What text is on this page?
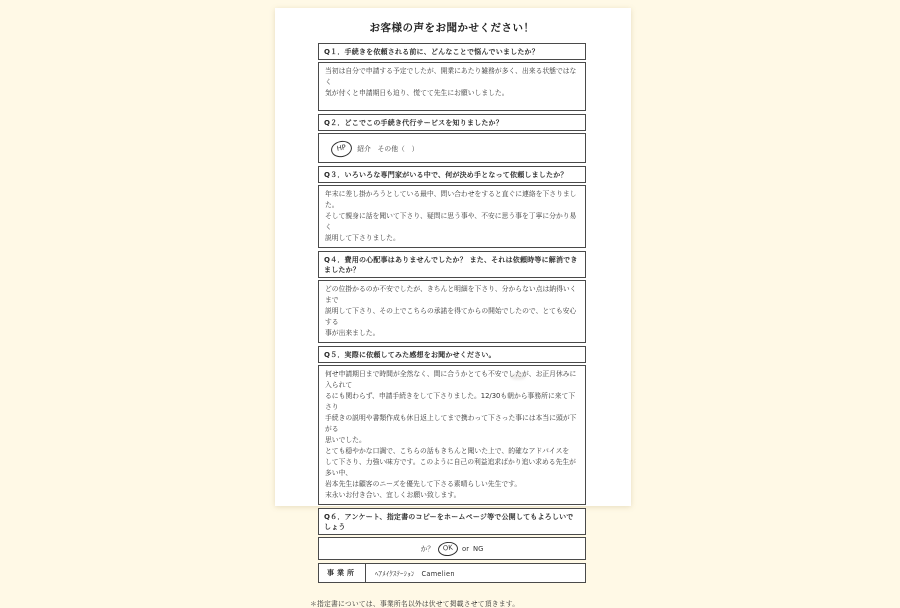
お客様の声をお聞かせください！
Q１．手続きを依頼される前に、どんなことで悩んでいましたか？
当初は自分で申請する予定でしたが、開業にあたり雑務が多く、出来る状態ではなく
気が付くと申請期日も迫り、慌てて先生にお願いしました。
Q２．どこでこの手続き代行サービスを知りましたか？
HP	紹介　その他（　）
Q３．いろいろな専門家がいる中で、何が決め手となって依頼しましたか？
年末に差し掛かろうとしている最中、問い合わせをすると直ぐに連絡を下さりました。
そして親身に話を聞いて下さり、疑問に思う事や、不安に思う事を丁寧に分かり易く
説明して下さりました。
Q４．費用の心配事はありませんでしたか？ また、それは依頼時等に解消できましたか？
どの位掛かるのか不安でしたが、きちんと明細を下さり、分からない点は納得いくまで
説明して下さり、その上でこちらの承諾を得てからの開始でしたので、とても安心する
事が出来ました。
Q５．実際に依頼してみた感想をお聞かせください。
何せ申請期日まで時間が全然なく、間に合うかとても不安でしたが、お正月休みに入られて
るにも関わらず、申請手続きをして下さりました。12/30も朝から事務所に来て下さり
手続きの説明や書類作成も休日返上してまで携わって下さった事には本当に頭が下がる
思いでした。
とても穏やかな口調で、こちらの話もきちんと聞いた上で、的確なアドバイスを
して下さり、力強い味方です。このように自己の利益追求ばかり追い求める先生が多い中、
岩本先生は顧客のニーズを優先して下さる素晴らしい先生です。
末永いお付き合い、宜しくお願い致します。
Q６．アンケート、指定書のコピーをホームページ等で公開してもよろしいでしょう
か？	OK	or NG
事業所	ﾍｱﾒｲｸｽﾃｰｼｮﾝ　Camelien
＊指定書については、事業所名以外は伏せて掲載させて頂きます。
